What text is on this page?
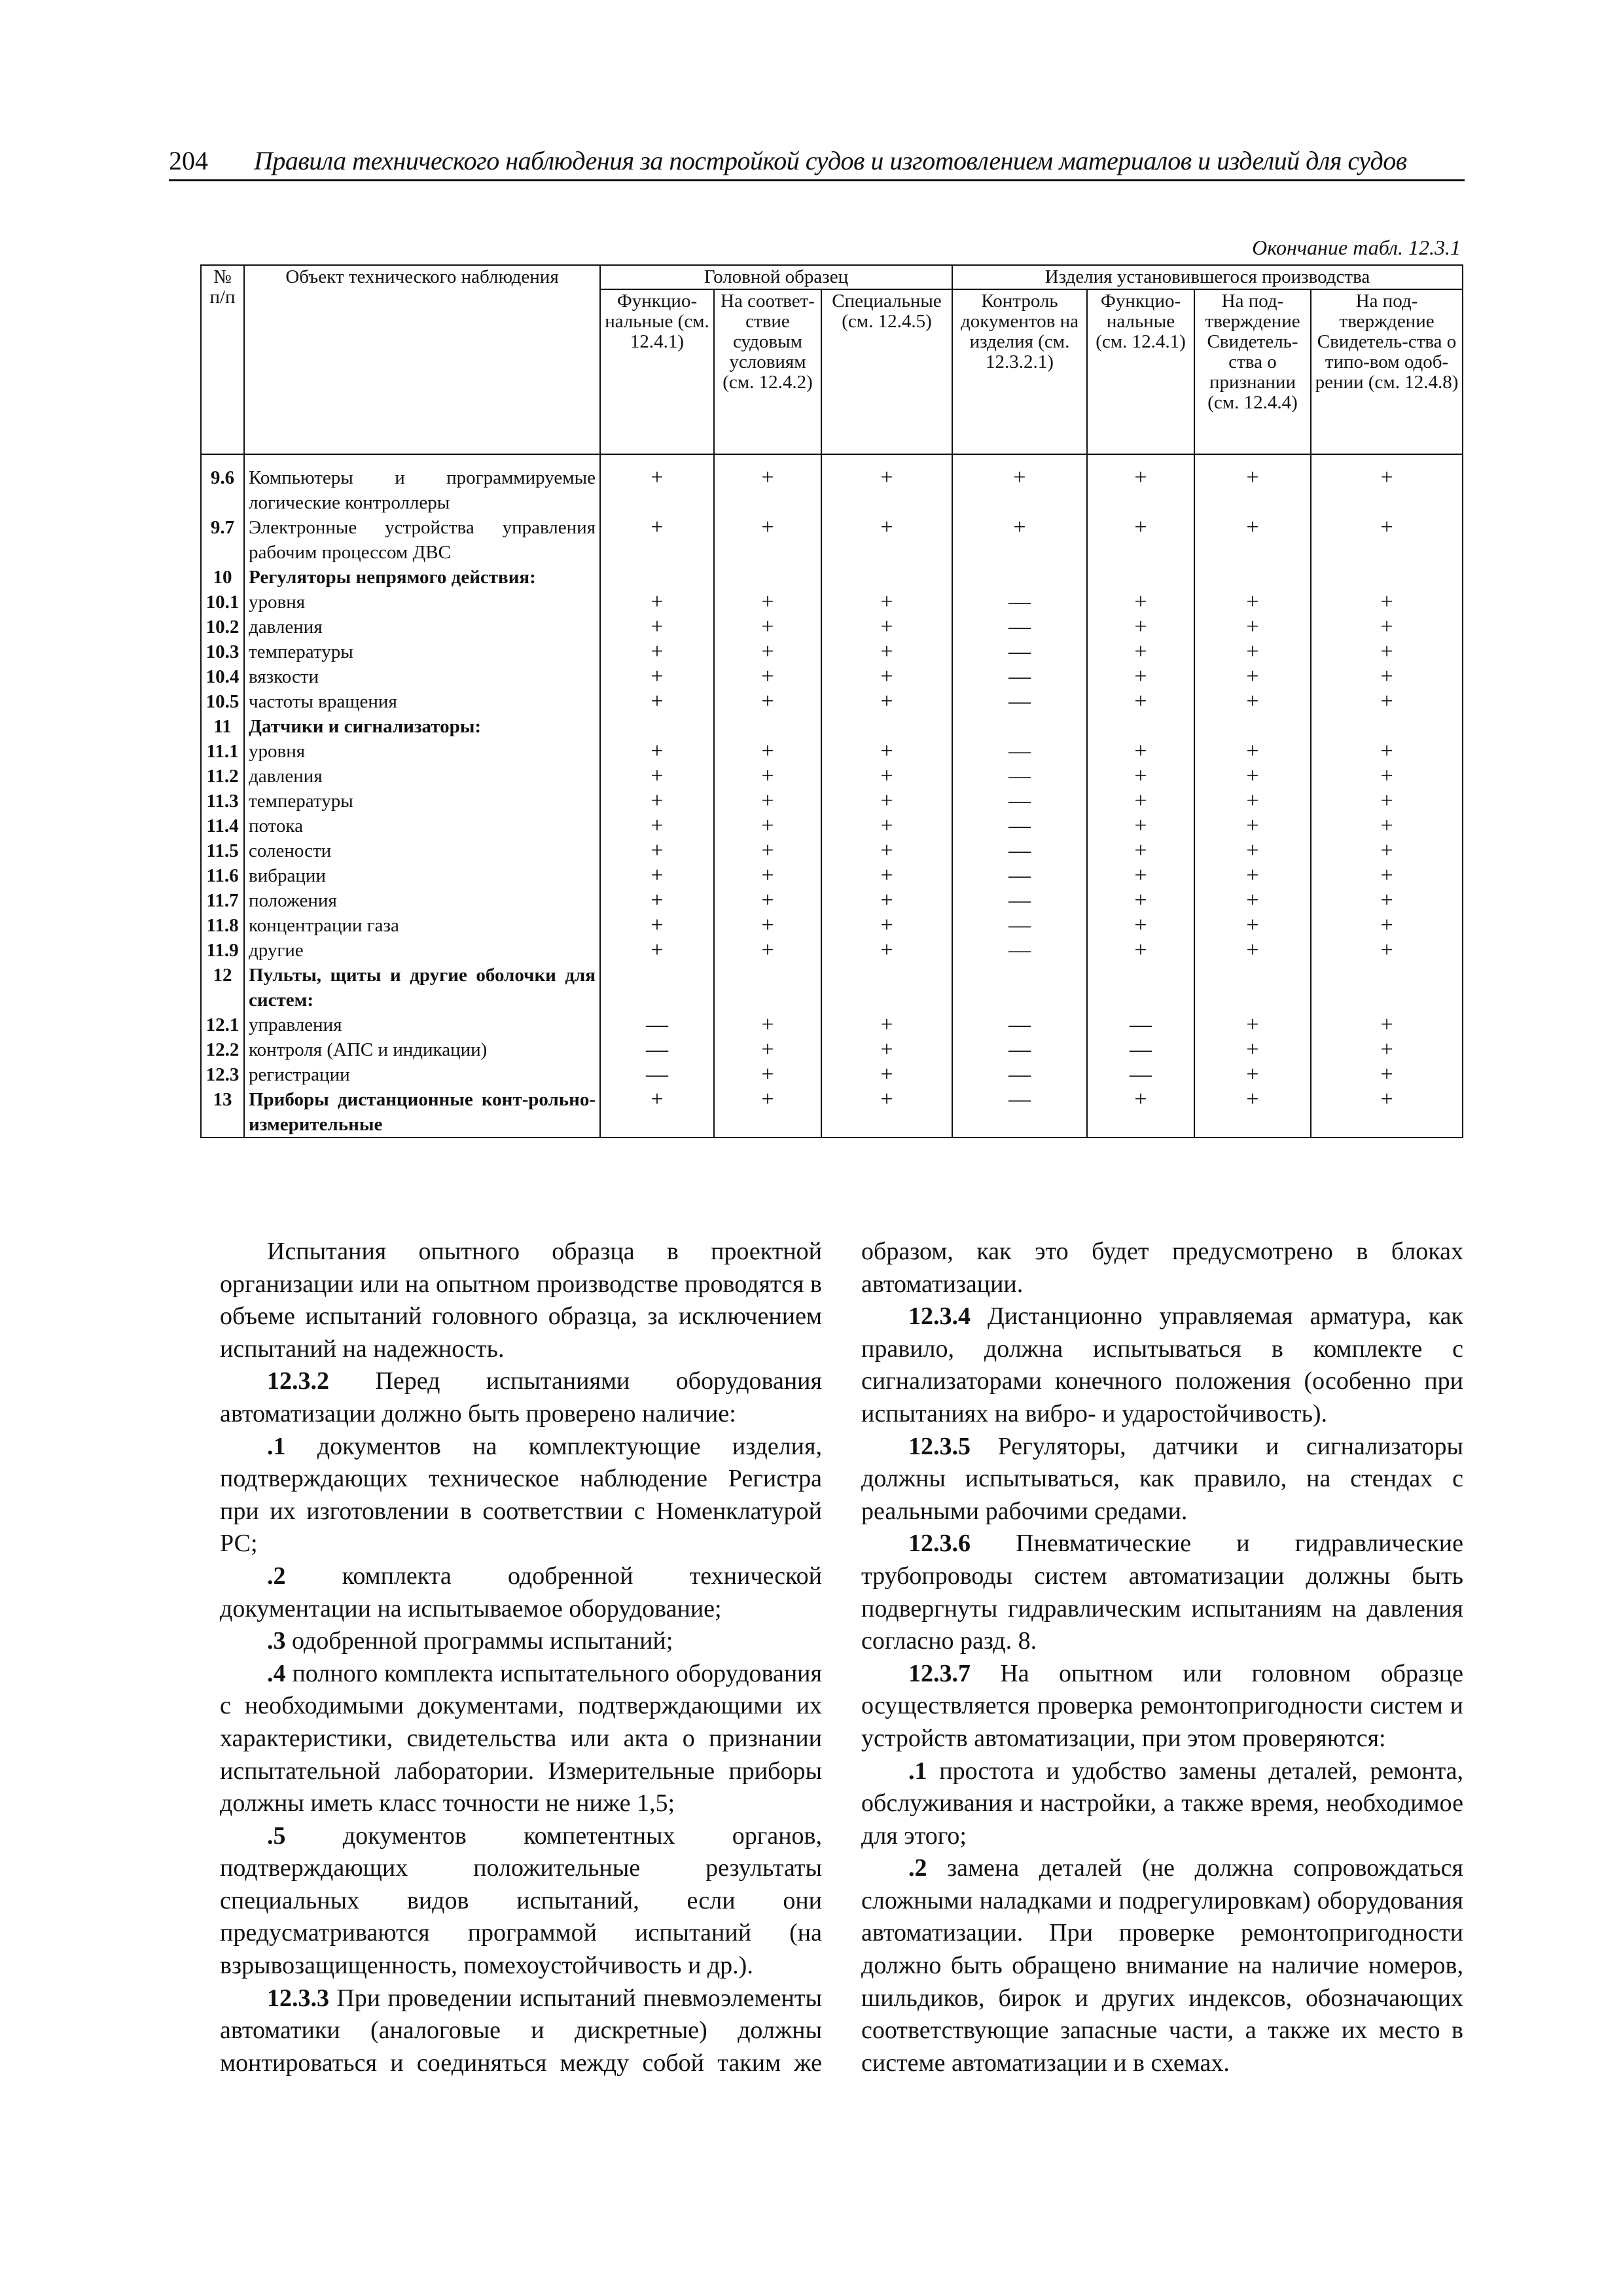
204 Правила технического наблюдения за постройкой судов и изготовлением материалов и изделий для судов
Окончание табл. 12.3.1
№ п/п	Объект технического наблюдения	Головной образец			Изделия установившегося производства			
		Функцио-нальные (см. 12.4.1)	На соответ-ствие судовым условиям (см. 12.4.2)	Специальные (см. 12.4.5)	Контроль документов на изделия (см. 12.3.2.1)	Функцио-нальные (см. 12.4.1)	На под-тверждение Свидетель-ства о признании (см. 12.4.4)	На под-тверждение Свидетель-ства о типо-вом одоб-рении (см. 12.4.8)
9.6	Компьютеры и программируемые логические контроллеры	+	+	+	+	+	+	+
9.7	Электронные устройства управления рабочим процессом ДВС	+	+	+	+	+	+	+
10	Регуляторы непрямого действия:							
10.1	уровня	+	+	+	—	+	+	+
10.2	давления	+	+	+	—	+	+	+
10.3	температуры	+	+	+	—	+	+	+
10.4	вязкости	+	+	+	—	+	+	+
10.5	частоты вращения	+	+	+	—	+	+	+
11	Датчики и сигнализаторы:							
11.1	уровня	+	+	+	—	+	+	+
11.2	давления	+	+	+	—	+	+	+
11.3	температуры	+	+	+	—	+	+	+
11.4	потока	+	+	+	—	+	+	+
11.5	солености	+	+	+	—	+	+	+
11.6	вибрации	+	+	+	—	+	+	+
11.7	положения	+	+	+	—	+	+	+
11.8	концентрации газа	+	+	+	—	+	+	+
11.9	другие	+	+	+	—	+	+	+
12	Пульты, щиты и другие оболочки для систем:							
12.1	управления	—	+	+	—	—	+	+
12.2	контроля (АПС и индикации)	—	+	+	—	—	+	+
12.3	регистрации	—	+	+	—	—	+	+
13	Приборы дистанционные конт-рольно-измерительные	+	+	+	—	+	+	+

Испытания опытного образца в проектной организации или на опытном производстве проводятся в объеме испытаний головного образца, за исключением испытаний на надежность.

12.3.2 Перед испытаниями оборудования автоматизации должно быть проверено наличие:

.1 документов на комплектующие изделия, подтверждающих техническое наблюдение Регистра при их изготовлении в соответствии с Номенклатурой РС;

.2 комплекта одобренной технической документации на испытываемое оборудование;

.3 одобренной программы испытаний;

.4 полного комплекта испытательного оборудования с необходимыми документами, подтверждающими их характеристики, свидетельства или акта о признании испытательной лаборатории. Измерительные приборы должны иметь класс точности не ниже 1,5;

.5 документов компетентных органов, подтверждающих положительные результаты специальных видов испытаний, если они предусматриваются программой испытаний (на взрывозащищенность, помехоустойчивость и др.).

12.3.3 При проведении испытаний пневмоэлементы автоматики (аналоговые и дискретные) должны монтироваться и соединяться между собой таким же образом, как это будет предусмотрено в блоках автоматизации.

12.3.4 Дистанционно управляемая арматура, как правило, должна испытываться в комплекте с сигнализаторами конечного положения (особенно при испытаниях на вибро- и ударостойчивость).

12.3.5 Регуляторы, датчики и сигнализаторы должны испытываться, как правило, на стендах с реальными рабочими средами.

12.3.6 Пневматические и гидравлические трубопроводы систем автоматизации должны быть подвергнуты гидравлическим испытаниям на давления согласно разд. 8.

12.3.7 На опытном или головном образце осуществляется проверка ремонтопригодности систем и устройств автоматизации, при этом проверяются:

.1 простота и удобство замены деталей, ремонта, обслуживания и настройки, а также время, необходимое для этого;

.2 замена деталей (не должна сопровождаться сложными наладками и подрегулировкам) оборудования автоматизации. При проверке ремонтопригодности должно быть обращено внимание на наличие номеров, шильдиков, бирок и других индексов, обозначающих соответствующие запасные части, а также их место в системе автоматизации и в схемах.
